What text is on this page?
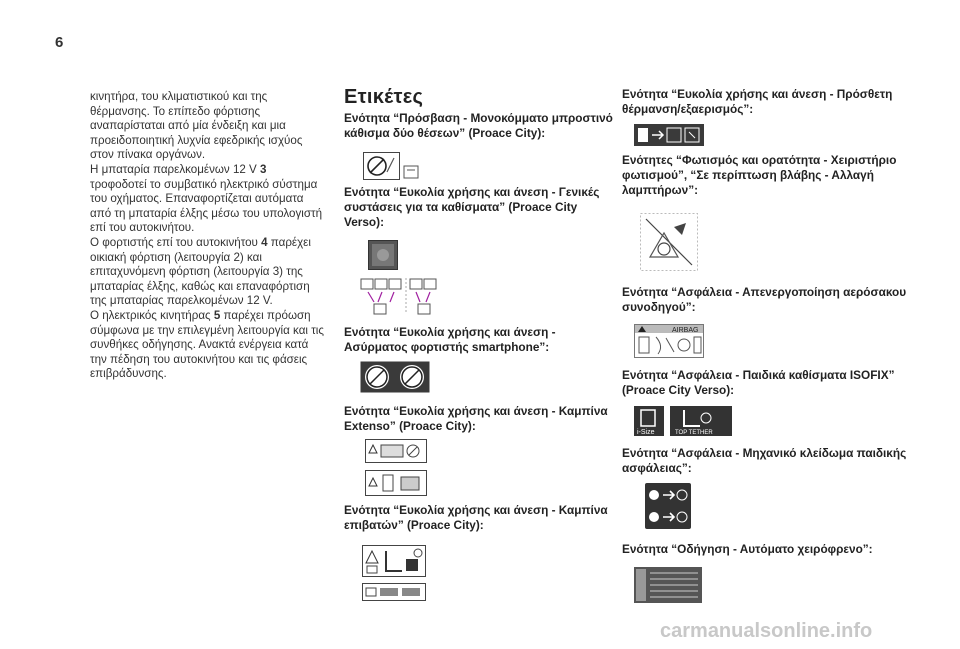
6

κινητήρα, του κλιματιστικού και της θέρμανσης. Το επίπεδο φόρτισης αναπαρίσταται από μία ένδειξη και μια προειδοποιητική λυχνία εφεδρικής ισχύος στον πίνακα οργάνων.

Η μπαταρία παρελκομένων 12 V 3 τροφοδοτεί το συμβατικό ηλεκτρικό σύστημα του οχήματος. Επαναφορτίζεται αυτόματα από τη μπαταρία έλξης μέσω του υπολογιστή επί του αυτοκινήτου.

Ο φορτιστής επί του αυτοκινήτου 4 παρέχει οικιακή φόρτιση (λειτουργία 2) και επιταχυνόμενη φόρτιση (λειτουργία 3) της μπαταρίας έλξης, καθώς και επαναφόρτιση της μπαταρίας παρελκομένων 12 V.

Ο ηλεκτρικός κινητήρας 5 παρέχει πρόωση σύμφωνα με την επιλεγμένη λειτουργία και τις συνθήκες οδήγησης. Ανακτά ενέργεια κατά την πέδηση του αυτοκινήτου και τις φάσεις επιβράδυνσης.

Ετικέτες
Ενότητα “Πρόσβαση - Μονοκόμματο μπροστινό κάθισμα δύο θέσεων” (Proace City):
Ενότητα “Ευκολία χρήσης και άνεση - Γενικές συστάσεις για τα καθίσματα” (Proace City Verso):
Ενότητα “Ευκολία χρήσης και άνεση - Ασύρματος φορτιστής smartphone”:
Ενότητα “Ευκολία χρήσης και άνεση - Καμπίνα Extenso” (Proace City):
Ενότητα “Ευκολία χρήσης και άνεση - Καμπίνα επιβατών” (Proace City):
Ενότητα “Ευκολία χρήσης και άνεση - Πρόσθετη θέρμανση/εξαερισμός”:
Ενότητες “Φωτισμός και ορατότητα - Χειριστήριο φωτισμού”, “Σε περίπτωση βλάβης - Αλλαγή λαμπτήρων”:
Ενότητα “Ασφάλεια - Απενεργοποίηση αερόσακου συνοδηγού”:
AIRBAG
Ενότητα “Ασφάλεια - Παιδικά καθίσματα ISOFIX” (Proace City Verso):
i-Size	TOP TETHER
Ενότητα “Ασφάλεια - Μηχανικό κλείδωμα παιδικής ασφάλειας”:
Ενότητα “Οδήγηση - Αυτόματο χειρόφρενο”:
carmanualsonline.info
